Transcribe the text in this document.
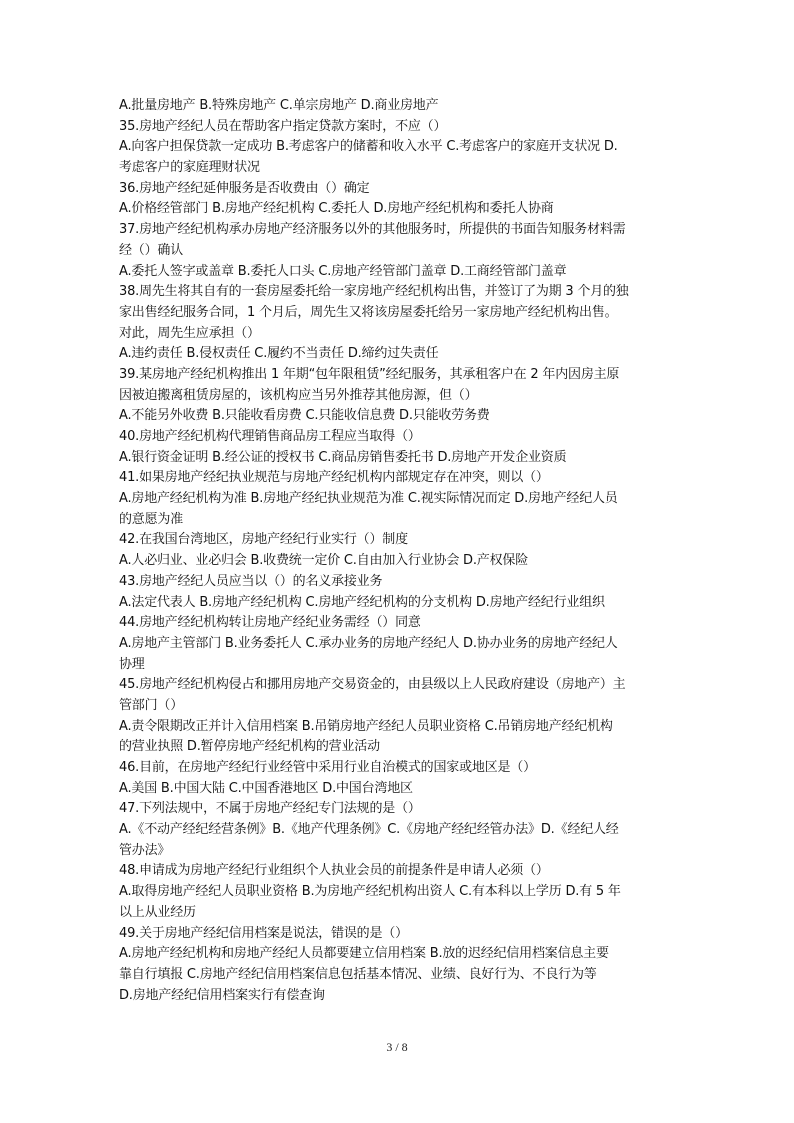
A.批量房地产 B.特殊房地产 C.单宗房地产 D.商业房地产
35.房地产经纪人员在帮助客户指定贷款方案时，不应（）
A.向客户担保贷款一定成功 B.考虑客户的储蓄和收入水平 C.考虑客户的家庭开支状况 D.
考虑客户的家庭理财状况
36.房地产经纪延伸服务是否收费由（）确定
A.价格经管部门 B.房地产经纪机构 C.委托人 D.房地产经纪机构和委托人协商
37.房地产经纪机构承办房地产经济服务以外的其他服务时，所提供的书面告知服务材料需
经（）确认
A.委托人签字或盖章 B.委托人口头 C.房地产经管部门盖章 D.工商经管部门盖章
38.周先生将其自有的一套房屋委托给一家房地产经纪机构出售，并签订了为期 3 个月的独
家出售经纪服务合同，1 个月后，周先生又将该房屋委托给另一家房地产经纪机构出售。
对此，周先生应承担（）
A.违约责任 B.侵权责任 C.履约不当责任 D.缔约过失责任
39.某房地产经纪机构推出 1 年期“包年限租赁”经纪服务，其承租客户在 2 年内因房主原
因被迫搬离租赁房屋的，该机构应当另外推荐其他房源，但（）
A.不能另外收费 B.只能收看房费 C.只能收信息费 D.只能收劳务费
40.房地产经纪机构代理销售商品房工程应当取得（）
A.银行资金证明 B.经公证的授权书 C.商品房销售委托书 D.房地产开发企业资质
41.如果房地产经纪执业规范与房地产经纪机构内部规定存在冲突，则以（）
A.房地产经纪机构为准 B.房地产经纪执业规范为准 C.视实际情况而定 D.房地产经纪人员
的意愿为准
42.在我国台湾地区，房地产经纪行业实行（）制度
A.人必归业、业必归会 B.收费统一定价 C.自由加入行业协会 D.产权保险
43.房地产经纪人员应当以（）的名义承接业务
A.法定代表人 B.房地产经纪机构 C.房地产经纪机构的分支机构 D.房地产经纪行业组织
44.房地产经纪机构转让房地产经纪业务需经（）同意
A.房地产主管部门 B.业务委托人 C.承办业务的房地产经纪人 D.协办业务的房地产经纪人
协理
45.房地产经纪机构侵占和挪用房地产交易资金的，由县级以上人民政府建设（房地产）主
管部门（）
A.责令限期改正并计入信用档案 B.吊销房地产经纪人员职业资格 C.吊销房地产经纪机构
的营业执照 D.暂停房地产经纪机构的营业活动
46.目前，在房地产经纪行业经管中采用行业自治模式的国家或地区是（）
A.美国 B.中国大陆 C.中国香港地区 D.中国台湾地区
47.下列法规中，不属于房地产经纪专门法规的是（）
A.《不动产经纪经营条例》B.《地产代理条例》C.《房地产经纪经管办法》D.《经纪人经
管办法》
48.申请成为房地产经纪行业组织个人执业会员的前提条件是申请人必须（）
A.取得房地产经纪人员职业资格 B.为房地产经纪机构出资人 C.有本科以上学历 D.有 5 年
以上从业经历
49.关于房地产经纪信用档案是说法，错误的是（）
A.房地产经纪机构和房地产经纪人员都要建立信用档案 B.放的迟经纪信用档案信息主要
靠自行填报 C.房地产经纪信用档案信息包括基本情况、业绩、良好行为、不良行为等
D.房地产经纪信用档案实行有偿查询
3 / 8
